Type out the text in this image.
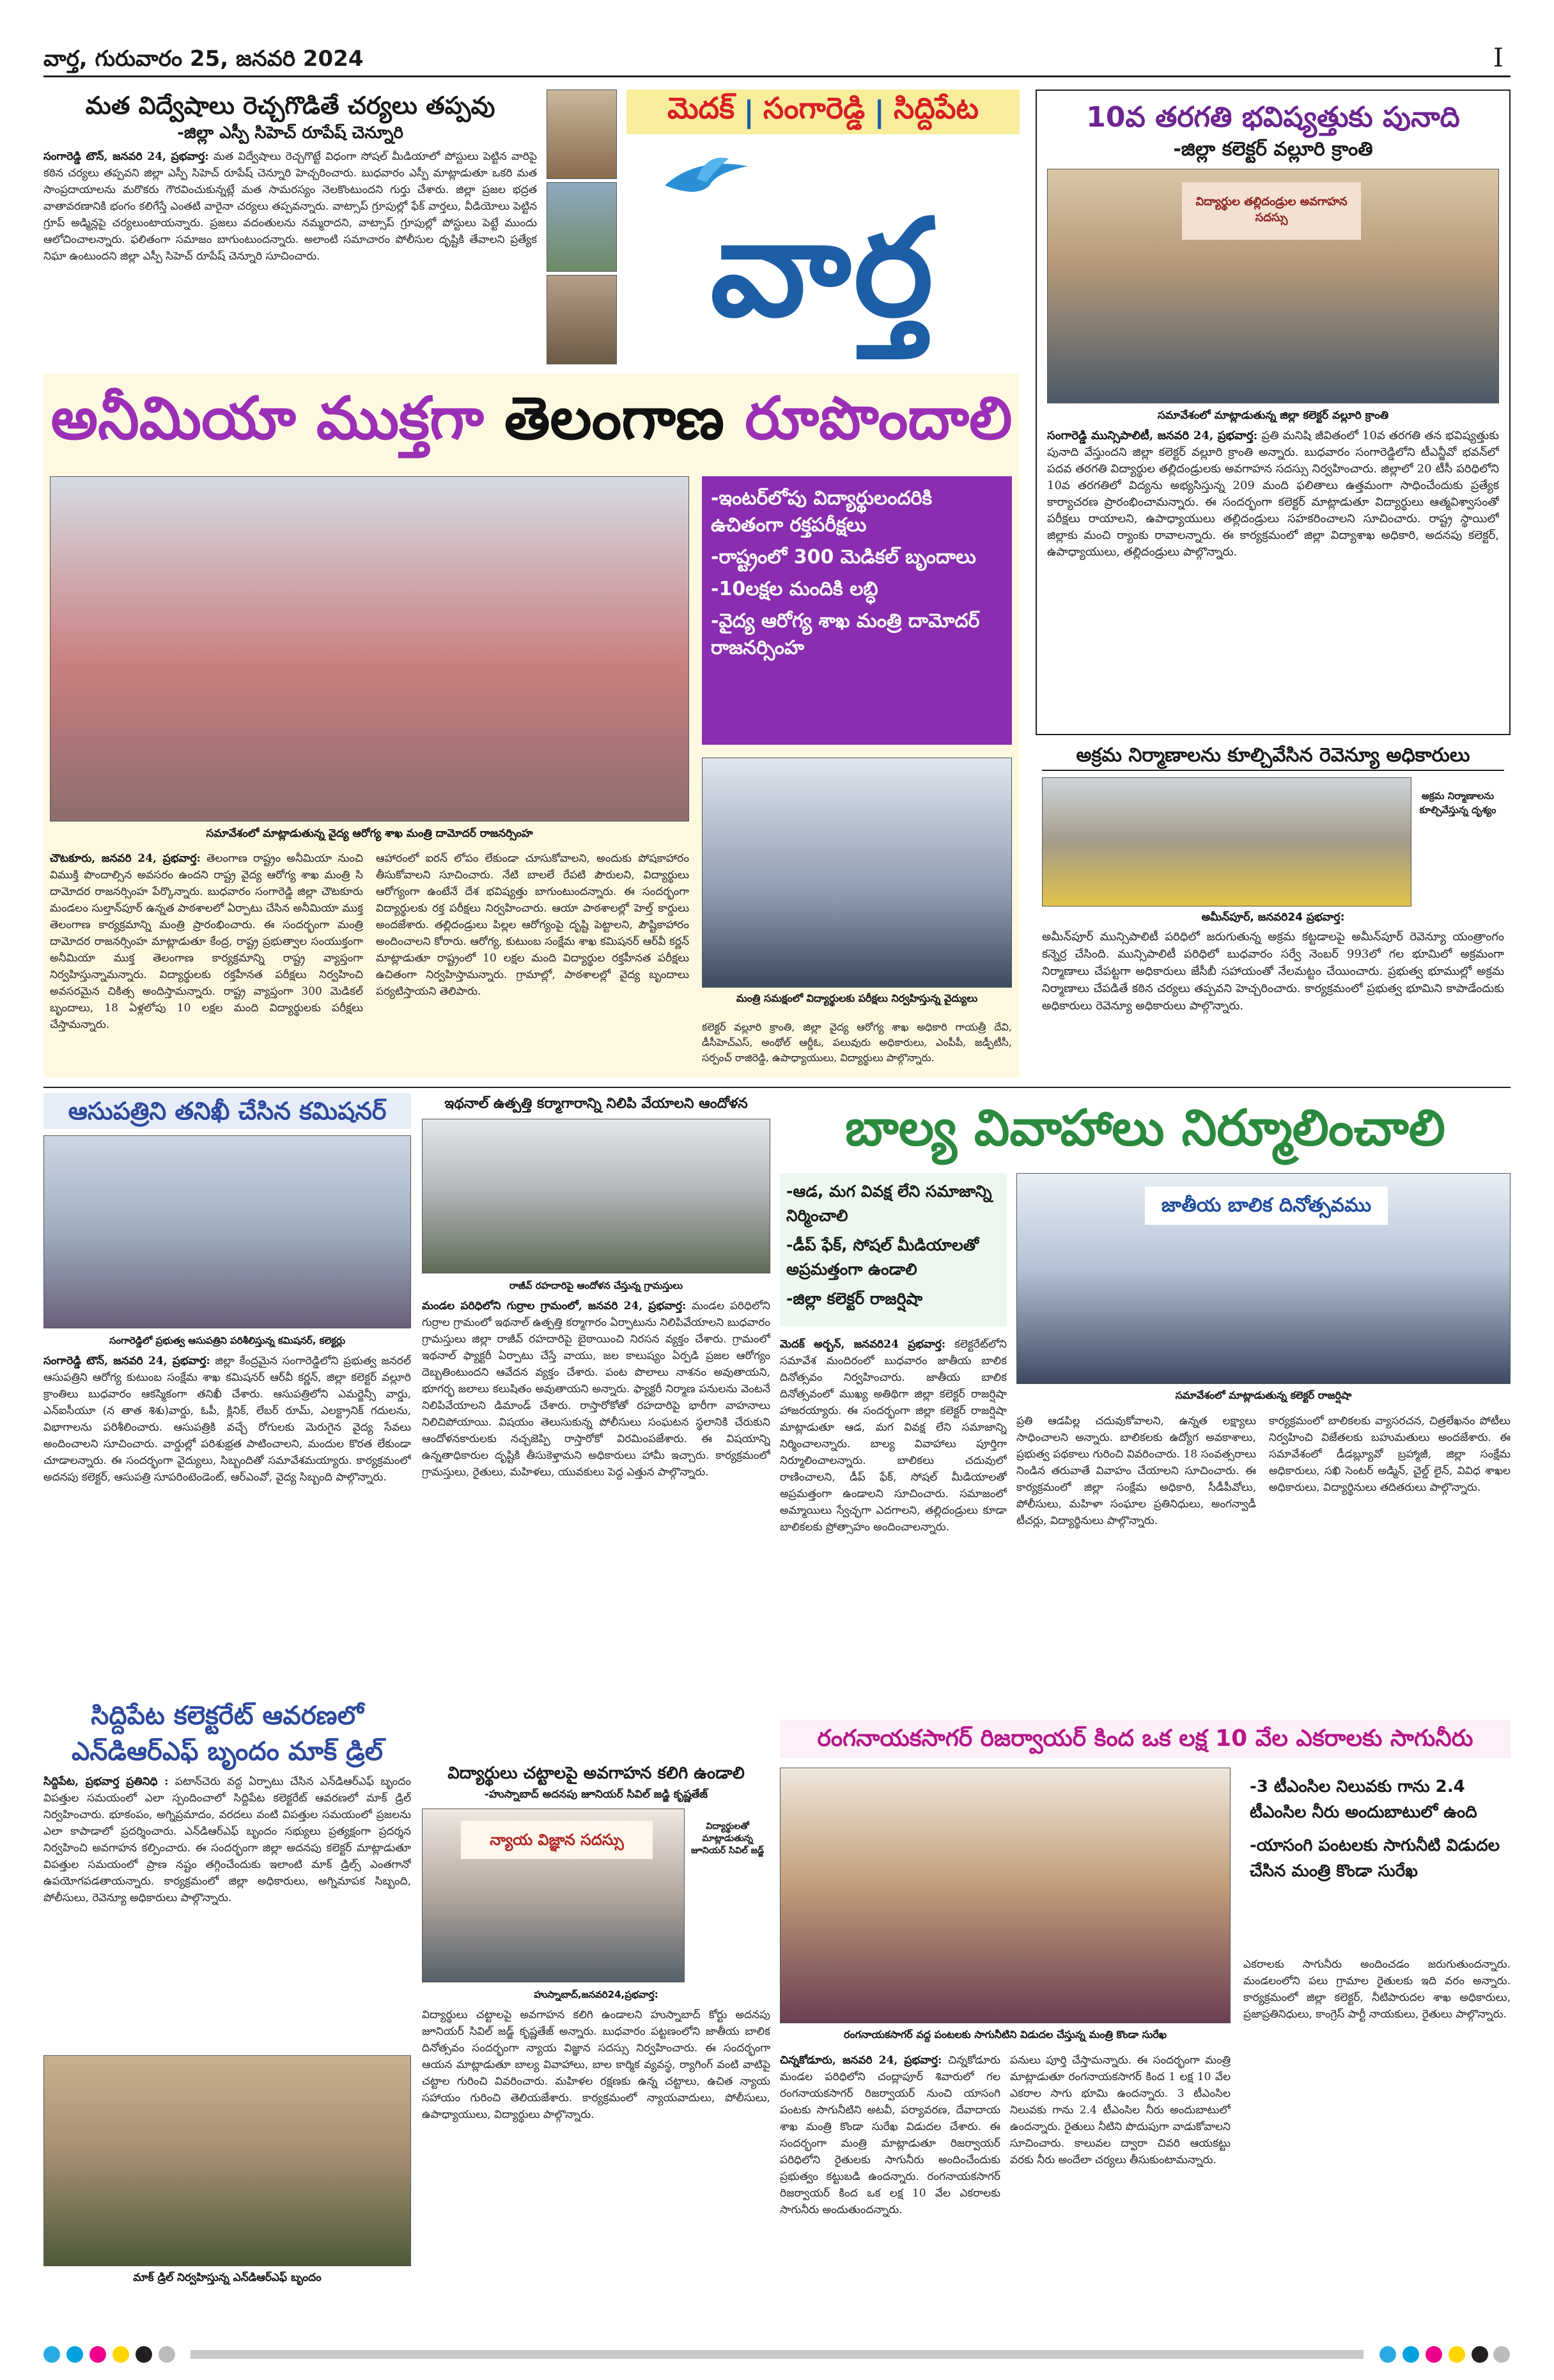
వార్త, గురువారం 25, జనవరి 2024	I
మత విద్వేషాలు రెచ్చగొడితే చర్యలు తప్పవు
-జిల్లా ఎస్పీ సిహెచ్ రూపేష్ చెన్నూరి
సంగారెడ్డి టౌన్, జనవరి 24, ప్రభవార్త: మత విద్వేషాలు రెచ్చగొట్టే విధంగా సోషల్ మీడియాలో పోస్టులు పెట్టిన వారిపై కఠిన చర్యలు తప్పవని జిల్లా ఎస్పీ సిహెచ్ రూపేష్ చెన్నూరి హెచ్చరించారు. బుధవారం ఎస్పీ మాట్లాడుతూ ఒకరి మత సాంప్రదాయాలను మరొకరు గౌరవించుకున్నట్లే మత సామరస్యం నెలకొంటుందని గుర్తు చేశారు. జిల్లా ప్రజల భద్రత వాతావరణానికి భంగం కలిగేస్తే ఎంతటి వారైనా చర్యలు తప్పవన్నారు. వాట్సాప్ గ్రూపుల్లో ఫేక్ వార్తలు, వీడియోలు పెట్టిన గ్రూప్ అడ్మిన్లపై చర్యలుంటాయన్నారు. ప్రజలు వదంతులను నమ్మరాదని, వాట్సాప్ గ్రూపుల్లో పోస్టులు పెట్టే ముందు ఆలోచించాలన్నారు. ఫలితంగా సమాజం బాగుంటుందన్నారు. అలాంటి సమాచారం పోలీసుల దృష్టికి తేవాలని ప్రత్యేక నిఘా ఉంటుందని జిల్లా ఎస్పీ సిహెచ్ రూపేష్ చెన్నూరి సూచించారు.
మెదక్ | సంగారెడ్డి | సిద్దిపేట
వార్త
10వ తరగతి భవిష్యత్తుకు పునాది
-జిల్లా కలెక్టర్ వల్లూరి క్రాంతి
విద్యార్థుల తల్లిదండ్రుల అవగాహన సదస్సు
సమావేశంలో మాట్లాడుతున్న జిల్లా కలెక్టర్ వల్లూరి క్రాంతి
సంగారెడ్డి మున్సిపాలిటీ, జనవరి 24, ప్రభవార్త: ప్రతి మనిషి జీవితంలో 10వ తరగతి తన భవిష్యత్తుకు పునాది వేస్తుందని జిల్లా కలెక్టర్ వల్లూరి క్రాంతి అన్నారు. బుధవారం సంగారెడ్డిలోని టీఎన్జీవో భవన్‌లో పదవ తరగతి విద్యార్థుల తల్లిదండ్రులకు అవగాహన సదస్సు నిర్వహించారు. జిల్లాలో 20 టీసీ పరిధిలోని 10వ తరగతిలో విద్యను అభ్యసిస్తున్న 209 మంది ఫలితాలు ఉత్తమంగా సాధించేందుకు ప్రత్యేక కార్యాచరణ ప్రారంభించామన్నారు. ఈ సందర్భంగా కలెక్టర్ మాట్లాడుతూ విద్యార్థులు ఆత్మవిశ్వాసంతో పరీక్షలు రాయాలని, ఉపాధ్యాయులు తల్లిదండ్రులు సహకరించాలని సూచించారు. రాష్ట్ర స్థాయిలో జిల్లాకు మంచి ర్యాంకు రావాలన్నారు. ఈ కార్యక్రమంలో జిల్లా విద్యాశాఖ అధికారి, అదనపు కలెక్టర్, ఉపాధ్యాయులు, తల్లిదండ్రులు పాల్గొన్నారు.
అనీమియా ముక్తగా తెలంగాణ రూపొందాలి
సమావేశంలో మాట్లాడుతున్న వైద్య ఆరోగ్య శాఖ మంత్రి దామోదర్ రాజనర్సింహ
-ఇంటర్‌లోపు విద్యార్థులందరికి ఉచితంగా రక్తపరీక్షలు
-రాష్ట్రంలో 300 మెడికల్ బృందాలు
-10లక్షల మందికి లబ్ధి
-వైద్య ఆరోగ్య శాఖ మంత్రి దామోదర్ రాజనర్సింహ
మంత్రి సమక్షంలో విద్యార్థులకు పరీక్షలు నిర్వహిస్తున్న వైద్యులు
చౌటకూరు, జనవరి 24, ప్రభవార్త: తెలంగాణ రాష్ట్రం అనీమియా నుంచి విముక్తి పొందాల్సిన అవసరం ఉందని రాష్ట్ర వైద్య ఆరోగ్య శాఖ మంత్రి సి దామోదర రాజనర్సింహ పేర్కొన్నారు. బుధవారం సంగారెడ్డి జిల్లా చౌటకూరు మండలం సుల్తాన్‌పూర్ ఉన్నత పాఠశాలలో ఏర్పాటు చేసిన అనీమియా ముక్త తెలంగాణ కార్యక్రమాన్ని మంత్రి ప్రారంభించారు. ఈ సందర్భంగా మంత్రి దామోదర రాజనర్సింహ మాట్లాడుతూ కేంద్ర, రాష్ట్ర ప్రభుత్వాల సంయుక్తంగా అనీమియా ముక్త తెలంగాణ కార్యక్రమాన్ని రాష్ట్ర వ్యాప్తంగా నిర్వహిస్తున్నామన్నారు. విద్యార్థులకు రక్తహీనత పరీక్షలు నిర్వహించి అవసరమైన చికిత్స అందిస్తామన్నారు. రాష్ట్ర వ్యాప్తంగా 300 మెడికల్ బృందాలు, 18 ఏళ్లలోపు 10 లక్షల మంది విద్యార్థులకు పరీక్షలు చేస్తామన్నారు.
ఆహారంలో ఐరన్ లోపం లేకుండా చూసుకోవాలని, అందుకు పోషకాహారం తీసుకోవాలని సూచించారు. నేటి బాలలే రేపటి పౌరులని, విద్యార్థులు ఆరోగ్యంగా ఉంటేనే దేశ భవిష్యత్తు బాగుంటుందన్నారు. ఈ సందర్భంగా విద్యార్థులకు రక్త పరీక్షలు నిర్వహించారు. ఆయా పాఠశాలల్లో హెల్త్ కార్డులు అందజేశారు. తల్లిదండ్రులు పిల్లల ఆరోగ్యంపై దృష్టి పెట్టాలని, పౌష్టికాహారం అందించాలని కోరారు. ఆరోగ్య, కుటుంబ సంక్షేమ శాఖ కమిషనర్ ఆర్‌వీ కర్ణన్ మాట్లాడుతూ రాష్ట్రంలో 10 లక్షల మంది విద్యార్థుల రక్తహీనత పరీక్షలు ఉచితంగా నిర్వహిస్తామన్నారు. గ్రామాల్లో, పాఠశాలల్లో వైద్య బృందాలు పర్యటిస్తాయని తెలిపారు.
కలెక్టర్ వల్లూరి క్రాంతి, జిల్లా వైద్య ఆరోగ్య శాఖ అధికారి గాయత్రీ దేవి, డీసీహెచ్ఎస్, అంథోల్ ఆర్డీఓ, పలువురు అధికారులు, ఎంపీపీ, జడ్పీటీసీ, సర్పంచ్ రాజిరెడ్డి, ఉపాధ్యాయులు, విద్యార్థులు పాల్గొన్నారు.
అక్రమ నిర్మాణాలను కూల్చివేసిన రెవెన్యూ అధికారులు
అక్రమ నిర్మాణాలను కూల్చివేస్తున్న దృశ్యం
అమీన్‌పూర్, జనవరి24 ప్రభవార్త:
అమీన్‌పూర్ మున్సిపాలిటీ పరిధిలో జరుగుతున్న అక్రమ కట్టడాలపై అమీన్‌పూర్ రెవెన్యూ యంత్రాంగం కన్నెర్ర చేసింది. మున్సిపాలిటీ పరిధిలో బుధవారం సర్వే నెంబర్ 993లో గల భూమిలో అక్రమంగా నిర్మాణాలు చేపట్టగా అధికారులు జేసీబీ సహాయంతో నేలమట్టం చేయించారు. ప్రభుత్వ భూముల్లో అక్రమ నిర్మాణాలు చేపడితే కఠిన చర్యలు తప్పవని హెచ్చరించారు. కార్యక్రమంలో ప్రభుత్వ భూమిని కాపాడేందుకు అధికారులు రెవెన్యూ అధికారులు పాల్గొన్నారు.
ఆసుపత్రిని తనిఖీ చేసిన కమిషనర్
సంగారెడ్డిలో ప్రభుత్వ ఆసుపత్రిని పరిశీలిస్తున్న కమిషనర్, కలెక్టర్లు
సంగారెడ్డి టౌన్, జనవరి 24, ప్రభవార్త: జిల్లా కేంద్రమైన సంగారెడ్డిలోని ప్రభుత్వ జనరల్ ఆసుపత్రిని ఆరోగ్య కుటుంబ సంక్షేమ శాఖ కమిషనర్ ఆర్‌వీ కర్ణన్, జిల్లా కలెక్టర్ వల్లూరి క్రాంతిలు బుధవారం ఆకస్మికంగా తనిఖీ చేశారు. ఆసుపత్రిలోని ఎమర్జెన్సీ వార్డు, ఎన్ఐసీయూ (న తాత శిశు)వార్డు, ఓపీ, క్లినిక్, లేబర్ రూమ్, ఎలక్ట్రానిక్ గదులను, విభాగాలను పరిశీలించారు. ఆసుపత్రికి వచ్చే రోగులకు మెరుగైన వైద్య సేవలు అందించాలని సూచించారు. వార్డుల్లో పరిశుభ్రత పాటించాలని, మందుల కొరత లేకుండా చూడాలన్నారు. ఈ సందర్భంగా వైద్యులు, సిబ్బందితో సమావేశమయ్యారు. కార్యక్రమంలో అదనపు కలెక్టర్, ఆసుపత్రి సూపరింటెండెంట్, ఆర్ఎంవో, వైద్య సిబ్బంది పాల్గొన్నారు.
సిద్దిపేట కలెక్టరేట్ ఆవరణలో
ఎన్‌డిఆర్ఎఫ్ బృందం మాక్ డ్రిల్
సిద్దిపేట, ప్రభవార్త ప్రతినిధి : పటాన్‌చెరు వద్ద ఏర్పాటు చేసిన ఎన్‌డిఆర్ఎఫ్ బృందం విపత్తుల సమయంలో ఎలా స్పందించాలో సిద్దిపేట కలెక్టరేట్ ఆవరణలో మాక్ డ్రిల్ నిర్వహించారు. భూకంపం, అగ్నిప్రమాదం, వరదలు వంటి విపత్తుల సమయంలో ప్రజలను ఎలా కాపాడాలో ప్రదర్శించారు. ఎన్‌డిఆర్ఎఫ్ బృందం సభ్యులు ప్రత్యక్షంగా ప్రదర్శన నిర్వహించి అవగాహన కల్పించారు. ఈ సందర్భంగా జిల్లా అదనపు కలెక్టర్ మాట్లాడుతూ విపత్తుల సమయంలో ప్రాణ నష్టం తగ్గించేందుకు ఇలాంటి మాక్ డ్రిల్స్ ఎంతగానో ఉపయోగపడతాయన్నారు. కార్యక్రమంలో జిల్లా అధికారులు, అగ్నిమాపక సిబ్బంది, పోలీసులు, రెవెన్యూ అధికారులు పాల్గొన్నారు.
మాక్ డ్రిల్ నిర్వహిస్తున్న ఎన్‌డిఆర్ఎఫ్ బృందం
ఇథనాల్ ఉత్పత్తి కర్మాగారాన్ని నిలిపి వేయాలని ఆందోళన
రాజీవ్ రహదారిపై ఆందోళన చేస్తున్న గ్రామస్తులు
మండల పరిధిలోని గుర్రాల గ్రామంలో, జనవరి 24, ప్రభవార్త: మండల పరిధిలోని గుర్రాల గ్రామంలో ఇథనాల్ ఉత్పత్తి కర్మాగారం ఏర్పాటును నిలిపివేయాలని బుధవారం గ్రామస్తులు జిల్లా రాజీవ్ రహదారిపై బైఠాయించి నిరసన వ్యక్తం చేశారు. గ్రామంలో ఇథనాల్ ఫ్యాక్టరీ ఏర్పాటు చేస్తే వాయు, జల కాలుష్యం ఏర్పడి ప్రజల ఆరోగ్యం దెబ్బతింటుందని ఆవేదన వ్యక్తం చేశారు. పంట పొలాలు నాశనం అవుతాయని, భూగర్భ జలాలు కలుషితం అవుతాయని అన్నారు. ఫ్యాక్టరీ నిర్మాణ పనులను వెంటనే నిలిపివేయాలని డిమాండ్ చేశారు. రాస్తారోకోతో రహదారిపై భారీగా వాహనాలు నిలిచిపోయాయి. విషయం తెలుసుకున్న పోలీసులు సంఘటన స్థలానికి చేరుకుని ఆందోళనకారులకు నచ్చజెప్పి రాస్తారోకో విరమింపజేశారు. ఈ విషయాన్ని ఉన్నతాధికారుల దృష్టికి తీసుకెళ్తామని అధికారులు హామీ ఇచ్చారు. కార్యక్రమంలో గ్రామస్తులు, రైతులు, మహిళలు, యువకులు పెద్ద ఎత్తున పాల్గొన్నారు.
విద్యార్థులు చట్టాలపై అవగాహన కలిగి ఉండాలి
-హుస్నాబాద్ అదనపు జూనియర్ సివిల్ జడ్జి కృష్ణతేజ్
న్యాయ విజ్ఞాన సదస్సు
విద్యార్థులతో మాట్లాడుతున్న జూనియర్ సివిల్ జడ్జ్
హుస్నాబాద్,జనవరి24,ప్రభవార్త:
విద్యార్థులు చట్టాలపై అవగాహన కలిగి ఉండాలని హుస్నాబాద్ కోర్టు అదనపు జూనియర్ సివిల్ జడ్జ్ కృష్ణతేజ్ అన్నారు. బుధవారం పట్టణంలోని జాతీయ బాలిక దినోత్సవం సందర్భంగా న్యాయ విజ్ఞాన సదస్సు నిర్వహించారు. ఈ సందర్భంగా ఆయన మాట్లాడుతూ బాల్య వివాహాలు, బాల కార్మిక వ్యవస్థ, ర్యాగింగ్ వంటి వాటిపై చట్టాల గురించి వివరించారు. మహిళల రక్షణకు ఉన్న చట్టాలు, ఉచిత న్యాయ సహాయం గురించి తెలియజేశారు. కార్యక్రమంలో న్యాయవాదులు, పోలీసులు, ఉపాధ్యాయులు, విద్యార్థులు పాల్గొన్నారు.
బాల్య వివాహాలు నిర్మూలించాలి
-ఆడ, మగ వివక్ష లేని సమాజాన్ని నిర్మించాలి
-డీప్ ఫేక్, సోషల్ మీడియాలతో అప్రమత్తంగా ఉండాలి
-జిల్లా కలెక్టర్ రాజర్షిషా
జాతీయ బాలిక దినోత్సవము
సమావేశంలో మాట్లాడుతున్న కలెక్టర్ రాజర్షిషా
మెదక్ అర్బన్, జనవరి24 ప్రభవార్త: కలెక్టరేట్‌లోని సమావేశ మందిరంలో బుధవారం జాతీయ బాలిక దినోత్సవం నిర్వహించారు. జాతీయ బాలిక దినోత్సవంలో ముఖ్య అతిథిగా జిల్లా కలెక్టర్ రాజర్షిషా హాజరయ్యారు. ఈ సందర్భంగా జిల్లా కలెక్టర్ రాజర్షిషా మాట్లాడుతూ ఆడ, మగ వివక్ష లేని సమాజాన్ని నిర్మించాలన్నారు. బాల్య వివాహాలు పూర్తిగా నిర్మూలించాలన్నారు. బాలికలు చదువులో రాణించాలని, డీప్ ఫేక్, సోషల్ మీడియాలతో అప్రమత్తంగా ఉండాలని సూచించారు. సమాజంలో అమ్మాయిలు స్వేచ్ఛగా ఎదగాలని, తల్లిదండ్రులు కూడా బాలికలకు ప్రోత్సాహం అందించాలన్నారు.
ప్రతి ఆడపిల్ల చదువుకోవాలని, ఉన్నత లక్ష్యాలు సాధించాలని అన్నారు. బాలికలకు ఉద్యోగ అవకాశాలు, ప్రభుత్వ పథకాలు గురించి వివరించారు. 18 సంవత్సరాలు నిండిన తరువాతే వివాహం చేయాలని సూచించారు. ఈ కార్యక్రమంలో జిల్లా సంక్షేమ అధికారి, సీడీపీవోలు, పోలీసులు, మహిళా సంఘాల ప్రతినిధులు, అంగన్వాడీ టీచర్లు, విద్యార్థినులు పాల్గొన్నారు.
కార్యక్రమంలో బాలికలకు వ్యాసరచన, చిత్రలేఖనం పోటీలు నిర్వహించి విజేతలకు బహుమతులు అందజేశారు. ఈ సమావేశంలో డీడబ్ల్యూవో బ్రహ్మాజీ, జిల్లా సంక్షేమ అధికారులు, సఖి సెంటర్ అడ్మిన్, చైల్డ్ లైన్, వివిధ శాఖల అధికారులు, విద్యార్థినులు తదితరులు పాల్గొన్నారు.
రంగనాయకసాగర్ రిజర్వాయర్ కింద ఒక లక్ష 10 వేల ఎకరాలకు సాగునీరు
రంగనాయకసాగర్ వద్ద పంటలకు సాగునీటిని విడుదల చేస్తున్న మంత్రి కొండా సురేఖ
-3 టీఎంసిల నిలువకు గాను 2.4 టీఎంసిల నీరు అందుబాటులో ఉంది
-యాసంగి పంటలకు సాగునీటి విడుదల చేసిన మంత్రి కొండా సురేఖ
ఎకరాలకు సాగునీరు అందించడం జరుగుతుందన్నారు. మండలంలోని పలు గ్రామాల రైతులకు ఇది వరం అన్నారు. కార్యక్రమంలో జిల్లా కలెక్టర్, నీటిపారుదల శాఖ అధికారులు, ప్రజాప్రతినిధులు, కాంగ్రెస్ పార్టీ నాయకులు, రైతులు పాల్గొన్నారు.
చిన్నకోడూరు, జనవరి 24, ప్రభవార్త: చిన్నకోడూరు మండల పరిధిలోని చంద్లాపూర్ శివారులో గల రంగనాయకసాగర్ రిజర్వాయర్ నుంచి యాసంగి పంటకు సాగునీటిని అటవీ, పర్యావరణ, దేవాదాయ శాఖ మంత్రి కొండా సురేఖ విడుదల చేశారు. ఈ సందర్భంగా మంత్రి మాట్లాడుతూ రిజర్వాయర్ పరిధిలోని రైతులకు సాగునీరు అందించేందుకు ప్రభుత్వం కట్టుబడి ఉందన్నారు. రంగనాయకసాగర్ రిజర్వాయర్ కింద ఒక లక్ష 10 వేల ఎకరాలకు సాగునీరు అందుతుందన్నారు.
పనులు పూర్తి చేస్తామన్నారు. ఈ సందర్భంగా మంత్రి మాట్లాడుతూ రంగనాయకసాగర్ కింద 1 లక్ష 10 వేల ఎకరాల సాగు భూమి ఉందన్నారు. 3 టీఎంసిల నిలువకు గాను 2.4 టీఎంసిల నీరు అందుబాటులో ఉందన్నారు. రైతులు నీటిని పొదుపుగా వాడుకోవాలని సూచించారు. కాలువల ద్వారా చివరి ఆయకట్టు వరకు నీరు అందేలా చర్యలు తీసుకుంటామన్నారు.
